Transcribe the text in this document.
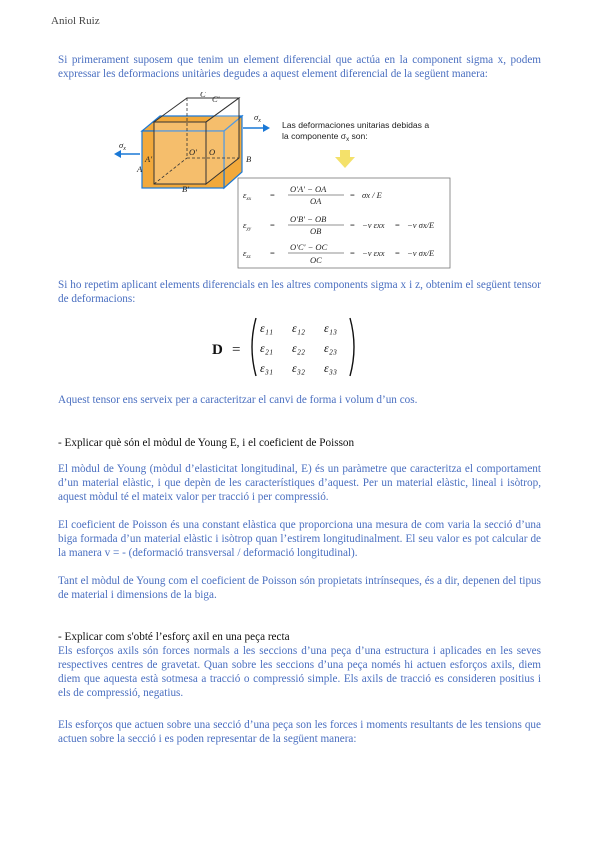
Aniol Ruiz
Si primerament suposem que tenim un element diferencial que actúa en la component sigma x, podem expressar les deformacions unitàries degudes a aquest element diferencial de la següent manera:
$\sigma_x$
$\sigma_x$
C C'
O
O'
A
A'	B
B'
Las deformaciones unitarias debidas a
la componente $\sigma_x$ son:
$\varepsilon_{xx}$ =
O'A' − OA
OA
= σx / E
$\varepsilon_{yy}$ =
O'B' − OB
OB
= −ν εxx = −ν σx/E
$\varepsilon_{zz}$ =
O'C' − OC
OC
= −ν εxx = −ν σx/E
Si ho repetim aplicant elements diferencials en les altres components sigma x i z, obtenim el següent tensor de deformacions:
D =
ε₁₁ ε₁₂ ε₁₃
ε₂₁ ε₂₂ ε₂₃
ε₃₁ ε₃₂ ε₃₃
Aquest tensor ens serveix per a caracteritzar el canvi de forma i volum d’un cos.
- Explicar què són el mòdul de Young E, i el coeficient de Poisson
El mòdul de Young (mòdul d’elasticitat longitudinal, E) és un paràmetre que caracteritza el comportament d’un material elàstic, i que depèn de les característiques d’aquest. Per un material elàstic, lineal i isòtrop, aquest mòdul té el mateix valor per tracció i per compressió.
El coeficient de Poisson és una constant elàstica que proporciona una mesura de com varia la secció d’una biga formada d’un material elàstic i isòtrop quan l’estirem longitudinalment. El seu valor es pot calcular de la manera v = - (deformació transversal / deformació longitudinal).
Tant el mòdul de Young com el coeficient de Poisson són propietats intrínseques, és a dir, depenen del tipus de material i dimensions de la biga.
- Explicar com s'obté l’esforç axil en una peça recta
Els esforços axils són forces normals a les seccions d’una peça d’una estructura i aplicades en les seves respectives centres de gravetat. Quan sobre les seccions d’una peça només hi actuen esforços axils, diem diem que aquesta està sotmesa a tracció o compressió simple. Els axils de tracció es consideren positius i els de compressió, negatius.
Els esforços que actuen sobre una secció d’una peça son les forces i moments resultants de les tensions que actuen sobre la secció i es poden representar de la següent manera:
